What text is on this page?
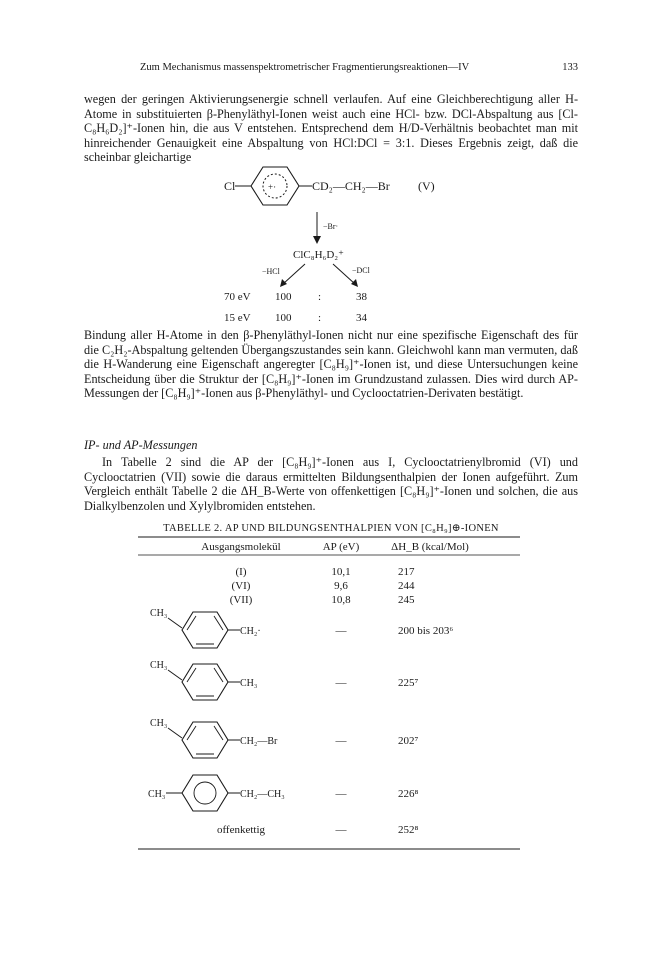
Zum Mechanismus massenspektrometrischer Fragmentierungsreaktionen—IV	133

wegen der geringen Aktivierungsenergie schnell verlaufen. Auf eine Gleichberechtigung aller H-Atome in substituierten β-Phenyläthyl-Ionen weist auch eine HCl- bzw. DCl-Abspaltung aus [Cl-C₈H₆D₂]⁺-Ionen hin, die aus V entstehen. Entsprechend dem H/D-Verhältnis beobachtet man mit hinreichender Genauigkeit eine Abspaltung von HCl:DCl = 3:1. Dieses Ergebnis zeigt, daß die scheinbar gleichartige

Cl	+·	CD₂—CH₂—Br (V)
−Br·
ClC₈H₆D₂⁺
−HCl	−DCl
70 eV 100 :	38
15 eV 100 :	34

Bindung aller H-Atome in den β-Phenyläthyl-Ionen nicht nur eine spezifische Eigenschaft des für die C₂H₂-Abspaltung geltenden Übergangszustandes sein kann. Gleichwohl kann man vermuten, daß die H-Wanderung eine Eigenschaft angeregter [C₈H₉]⁺-Ionen ist, und diese Untersuchungen keine Entscheidung über die Struktur der [C₈H₉]⁺-Ionen im Grundzustand zulassen. Dies wird durch AP-Messungen der [C₈H₉]⁺-Ionen aus β-Phenyläthyl- und Cyclooctatrien-Derivaten bestätigt.

IP- und AP-Messungen

In Tabelle 2 sind die AP der [C₈H₉]⁺-Ionen aus I, Cyclooctatrienylbromid (VI) und Cyclooctatrien (VII) sowie die daraus ermittelten Bildungsenthalpien der Ionen aufgeführt. Zum Vergleich enthält Tabelle 2 die ΔH_B-Werte von offenkettigen [C₈H₉]⁺-Ionen und solchen, die aus Dialkylbenzolen und Xylylbromiden entstehen.

TABELLE 2. AP UND BILDUNGSENTHALPIEN VON [C₈H₉]⊕-IONEN
Ausgangsmolekül	AP (eV)	ΔH_B (kcal/Mol)
(I)	10,1	217
(VI)	9,6	244
(VII)	10,8	245
CH₃
CH₂·	—	200 bis 203⁶
CH₃
CH₃	—	225⁷
CH₃
CH₂—Br	—	202⁷
CH₃	CH₂—CH₃	—	226⁸
offenkettig	—	252⁸
